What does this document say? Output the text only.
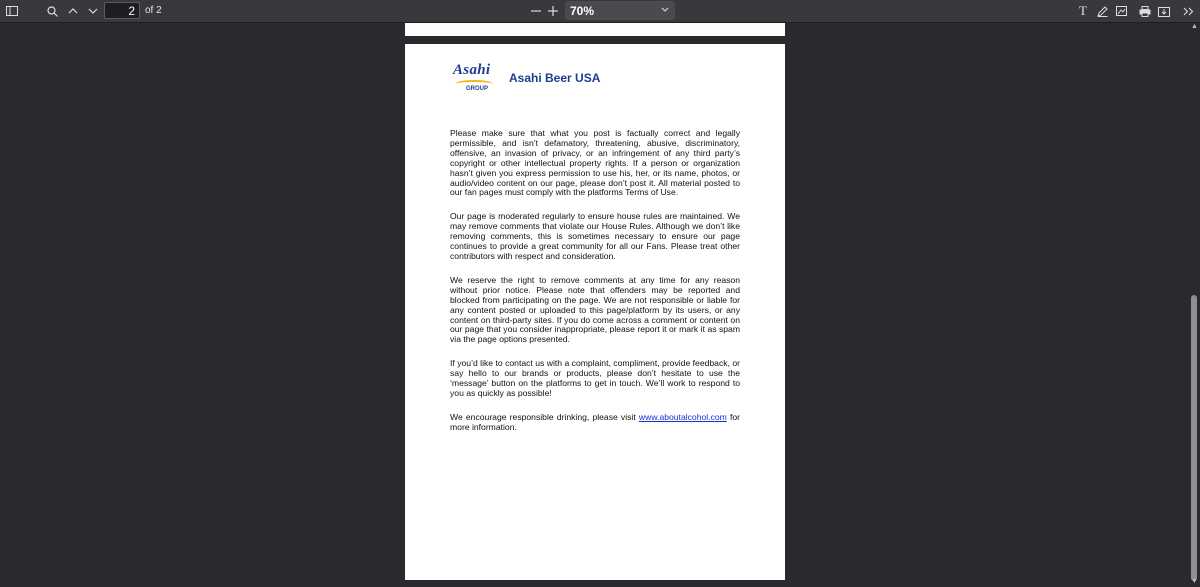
2
of 2	70%	T
Asahi
GROUP
Asahi Beer USA

Please make sure that what you post is factually correct and legally permissible, and isn’t defamatory, threatening, abusive, discriminatory, offensive, an invasion of privacy, or an infringement of any third party’s copyright or other intellectual property rights. If a person or organization hasn’t given you express permission to use his, her, or its name, photos, or audio/video content on our page, please don’t post it. All material posted to our fan pages must comply with the platforms Terms of Use.

Our page is moderated regularly to ensure house rules are maintained. We may remove comments that violate our House Rules. Although we don’t like removing comments, this is sometimes necessary to ensure our page continues to provide a great community for all our Fans. Please treat other contributors with respect and consideration.

We reserve the right to remove comments at any time for any reason without prior notice. Please note that offenders may be reported and blocked from participating on the page. We are not responsible or liable for any content posted or uploaded to this page/platform by its users, or any content on third-party sites. If you do come across a comment or content on our page that you consider inappropriate, please report it or mark it as spam via the page options presented.

If you’d like to contact us with a complaint, compliment, provide feedback, or say hello to our brands or products, please don’t hesitate to use the ‘message’ button on the platforms to get in touch. We’ll work to respond to you as quickly as possible!

We encourage responsible drinking, please visit www.aboutalcohol.com for more information.

▲
▼
